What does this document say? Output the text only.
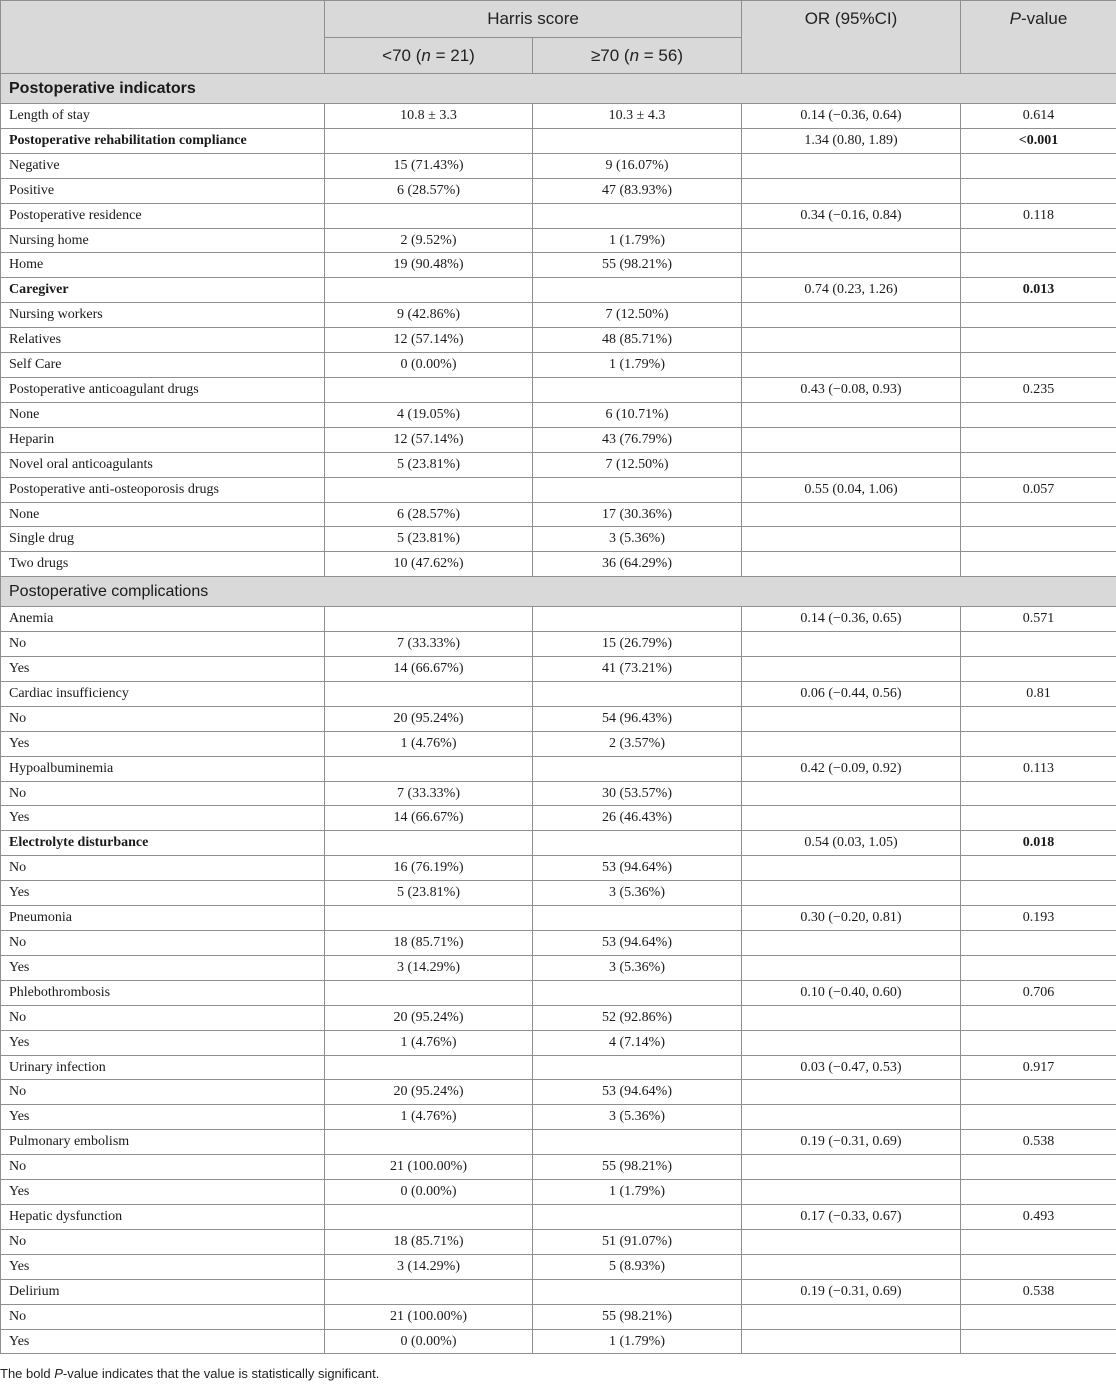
	Harris score		OR (95%CI)	P-value
	<70 (n = 21)	≥70 (n = 56)		
Postoperative indicators				
Length of stay	10.8 ± 3.3	10.3 ± 4.3	0.14 (−0.36, 0.64)	0.614
Postoperative rehabilitation compliance			1.34 (0.80, 1.89)	<0.001
Negative	15 (71.43%)	9 (16.07%)		
Positive	6 (28.57%)	47 (83.93%)		
Postoperative residence			0.34 (−0.16, 0.84)	0.118
Nursing home	2 (9.52%)	1 (1.79%)		
Home	19 (90.48%)	55 (98.21%)		
Caregiver			0.74 (0.23, 1.26)	0.013
Nursing workers	9 (42.86%)	7 (12.50%)		
Relatives	12 (57.14%)	48 (85.71%)		
Self Care	0 (0.00%)	1 (1.79%)		
Postoperative anticoagulant drugs			0.43 (−0.08, 0.93)	0.235
None	4 (19.05%)	6 (10.71%)		
Heparin	12 (57.14%)	43 (76.79%)		
Novel oral anticoagulants	5 (23.81%)	7 (12.50%)		
Postoperative anti-osteoporosis drugs			0.55 (0.04, 1.06)	0.057
None	6 (28.57%)	17 (30.36%)		
Single drug	5 (23.81%)	3 (5.36%)		
Two drugs	10 (47.62%)	36 (64.29%)		
Postoperative complications				
Anemia			0.14 (−0.36, 0.65)	0.571
No	7 (33.33%)	15 (26.79%)		
Yes	14 (66.67%)	41 (73.21%)		
Cardiac insufficiency			0.06 (−0.44, 0.56)	0.81
No	20 (95.24%)	54 (96.43%)		
Yes	1 (4.76%)	2 (3.57%)		
Hypoalbuminemia			0.42 (−0.09, 0.92)	0.113
No	7 (33.33%)	30 (53.57%)		
Yes	14 (66.67%)	26 (46.43%)		
Electrolyte disturbance			0.54 (0.03, 1.05)	0.018
No	16 (76.19%)	53 (94.64%)		
Yes	5 (23.81%)	3 (5.36%)		
Pneumonia			0.30 (−0.20, 0.81)	0.193
No	18 (85.71%)	53 (94.64%)		
Yes	3 (14.29%)	3 (5.36%)		
Phlebothrombosis			0.10 (−0.40, 0.60)	0.706
No	20 (95.24%)	52 (92.86%)		
Yes	1 (4.76%)	4 (7.14%)		
Urinary infection			0.03 (−0.47, 0.53)	0.917
No	20 (95.24%)	53 (94.64%)		
Yes	1 (4.76%)	3 (5.36%)		
Pulmonary embolism			0.19 (−0.31, 0.69)	0.538
No	21 (100.00%)	55 (98.21%)		
Yes	0 (0.00%)	1 (1.79%)		
Hepatic dysfunction			0.17 (−0.33, 0.67)	0.493
No	18 (85.71%)	51 (91.07%)		
Yes	3 (14.29%)	5 (8.93%)		
Delirium			0.19 (−0.31, 0.69)	0.538
No	21 (100.00%)	55 (98.21%)		
Yes	0 (0.00%)	1 (1.79%)		
The bold P-value indicates that the value is statistically significant.
